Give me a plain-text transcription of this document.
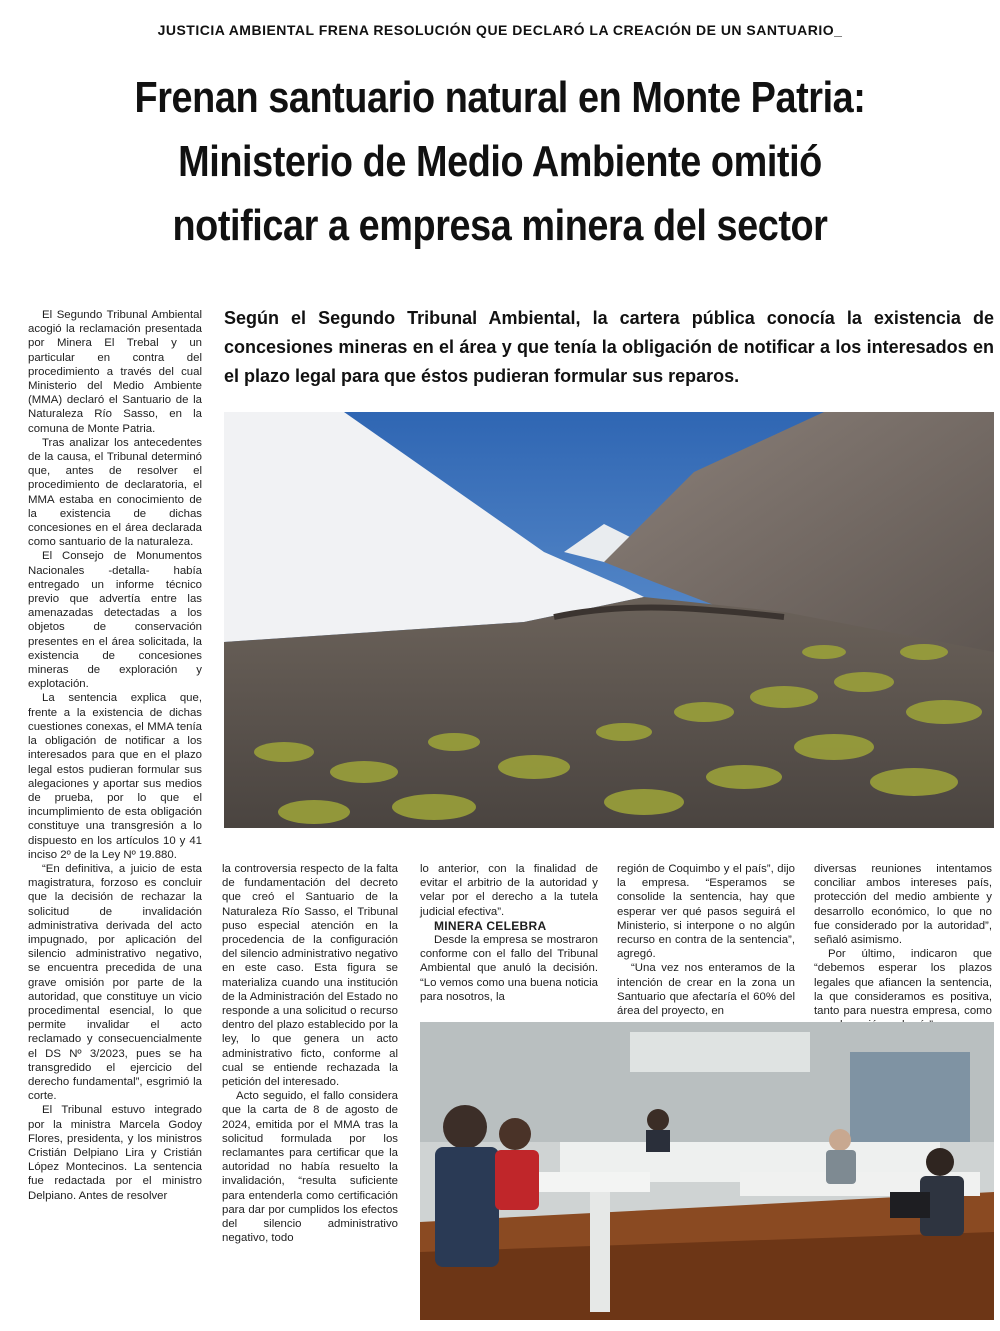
JUSTICIA AMBIENTAL FRENA RESOLUCIÓN QUE DECLARÓ LA CREACIÓN DE UN SANTUARIO_
Frenan santuario natural en Monte Patria:
Ministerio de Medio Ambiente omitió
notificar a empresa minera del sector
Según el Segundo Tribunal Ambiental, la cartera pública conocía la existencia de concesiones mineras en el área y que tenía la obligación de notificar a los interesados en el plazo legal para que éstos pudieran formular sus reparos.

El Segundo Tribunal Ambiental acogió la reclamación presentada por Minera El Trebal y un particular en contra del procedimiento a través del cual Ministerio del Medio Ambiente (MMA) declaró el Santuario de la Naturaleza Río Sasso, en la comuna de Monte Patria.

Tras analizar los antecedentes de la causa, el Tribunal determinó que, antes de resolver el procedimiento de declaratoria, el MMA estaba en conocimiento de la existencia de dichas concesiones en el área declarada como santuario de la naturaleza.

El Consejo de Monumentos Nacionales -detalla- había entregado un informe técnico previo que advertía entre las amenazadas detectadas a los objetos de conservación presentes en el área solicitada, la existencia de concesiones mineras de exploración y explotación.

La sentencia explica que, frente a la existencia de dichas cuestiones conexas, el MMA tenía la obligación de notificar a los interesados para que en el plazo legal estos pudieran formular sus alegaciones y aportar sus medios de prueba, por lo que el incumplimiento de esta obligación constituye una transgresión a lo dispuesto en los artículos 10 y 41 inciso 2º de la Ley Nº 19.880.

“En definitiva, a juicio de esta magistratura, forzoso es concluir que la decisión de rechazar la solicitud de invalidación administrativa derivada del acto impugnado, por aplicación del silencio administrativo negativo, se encuentra precedida de una grave omisión por parte de la autoridad, que constituye un vicio procedimental esencial, lo que permite invalidar el acto reclamado y consecuencialmente el DS Nº 3/2023, pues se ha transgredido el ejercicio del derecho fundamental”, esgrimió la corte.

El Tribunal estuvo integrado por la ministra Marcela Godoy Flores, presidenta, y los ministros Cristián Delpiano Lira y Cristián López Montecinos. La sentencia fue redactada por el ministro Delpiano. Antes de resolver

la controversia respecto de la falta de fundamentación del decreto que creó el Santuario de la Naturaleza Río Sasso, el Tribunal puso especial atención en la procedencia de la configuración del silencio administrativo negativo en este caso. Esta figura se materializa cuando una institución de la Administración del Estado no responde a una solicitud o recurso dentro del plazo establecido por la ley, lo que genera un acto administrativo ficto, conforme al cual se entiende rechazada la petición del interesado.

Acto seguido, el fallo considera que la carta de 8 de agosto de 2024, emitida por el MMA tras la solicitud formulada por los reclamantes para certificar que la autoridad no había resuelto la invalidación, “resulta suficiente para entenderla como certificación para dar por cumplidos los efectos del silencio administrativo negativo, todo

lo anterior, con la finalidad de evitar el arbitrio de la autoridad y velar por el derecho a la tutela judicial efectiva”.

MINERA CELEBRA

Desde la empresa se mostraron conforme con el fallo del Tribunal Ambiental que anuló la decisión. “Lo vemos como una buena noticia para nosotros, la

región de Coquimbo y el país”, dijo la empresa. “Esperamos se consolide la sentencia, hay que esperar ver qué pasos seguirá el Ministerio, si interpone o no algún recurso en contra de la sentencia”, agregó.

“Una vez nos enteramos de la intención de crear en la zona un Santuario que afectaría el 60% del área del proyecto, en

diversas reuniones intentamos conciliar ambos intereses país, protección del medio ambiente y desarrollo económico, lo que no fue considerado por la autoridad”, señaló asimismo.

Por último, indicaron que “debemos esperar los plazos legales que afiancen la sentencia, la que consideramos es positiva, tanto para nuestra empresa, como
